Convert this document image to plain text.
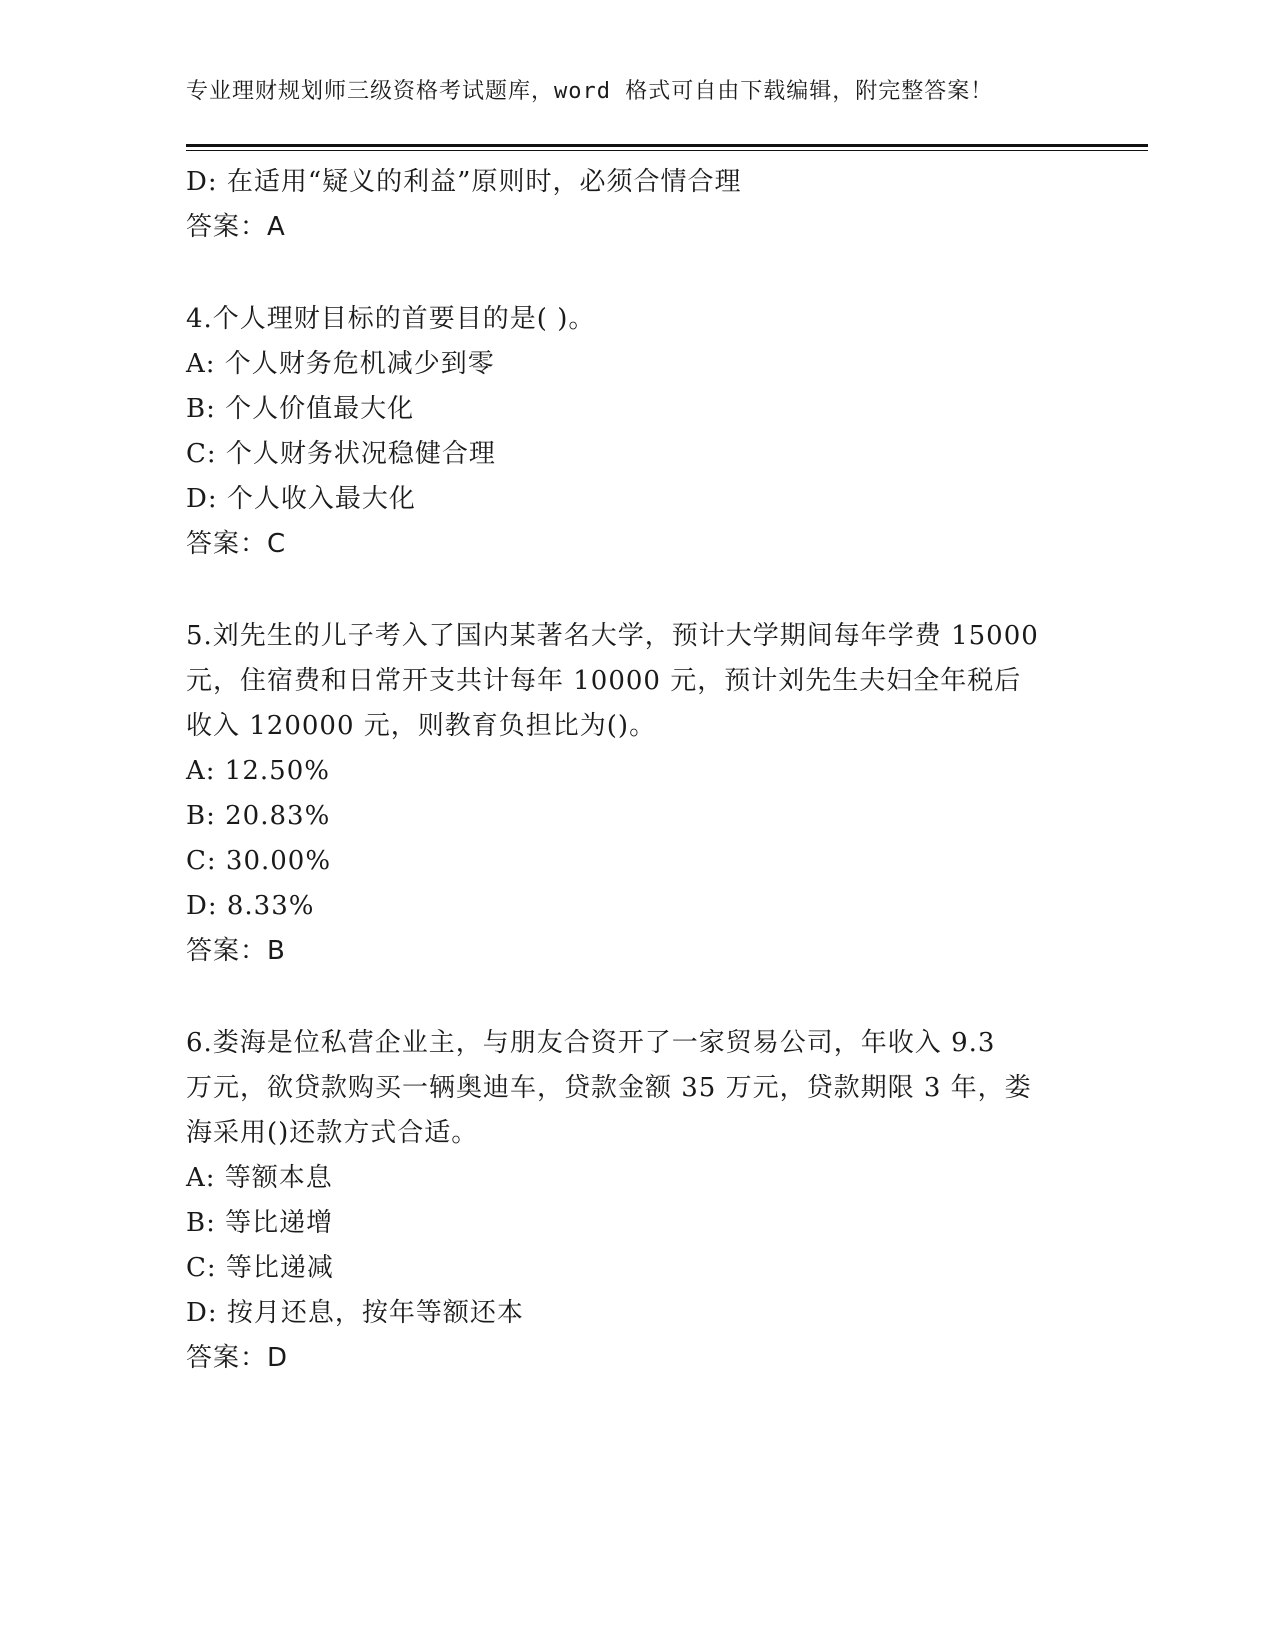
专业理财规划师三级资格考试题库，word 格式可自由下载编辑，附完整答案！
D: 在适用“疑义的利益”原则时，必须合情合理
答案：A
4.个人理财目标的首要目的是( )。
A: 个人财务危机减少到零
B: 个人价值最大化
C: 个人财务状况稳健合理
D: 个人收入最大化
答案：C
5.刘先生的儿子考入了国内某著名大学，预计大学期间每年学费 15000
元，住宿费和日常开支共计每年 10000 元，预计刘先生夫妇全年税后
收入 120000 元，则教育负担比为()。
A: 12.50%
B: 20.83%
C: 30.00%
D: 8.33%
答案：B
6.娄海是位私营企业主，与朋友合资开了一家贸易公司，年收入 9.3
万元，欲贷款购买一辆奥迪车，贷款金额 35 万元，贷款期限 3 年，娄
海采用()还款方式合适。
A: 等额本息
B: 等比递增
C: 等比递减
D: 按月还息，按年等额还本
答案：D
